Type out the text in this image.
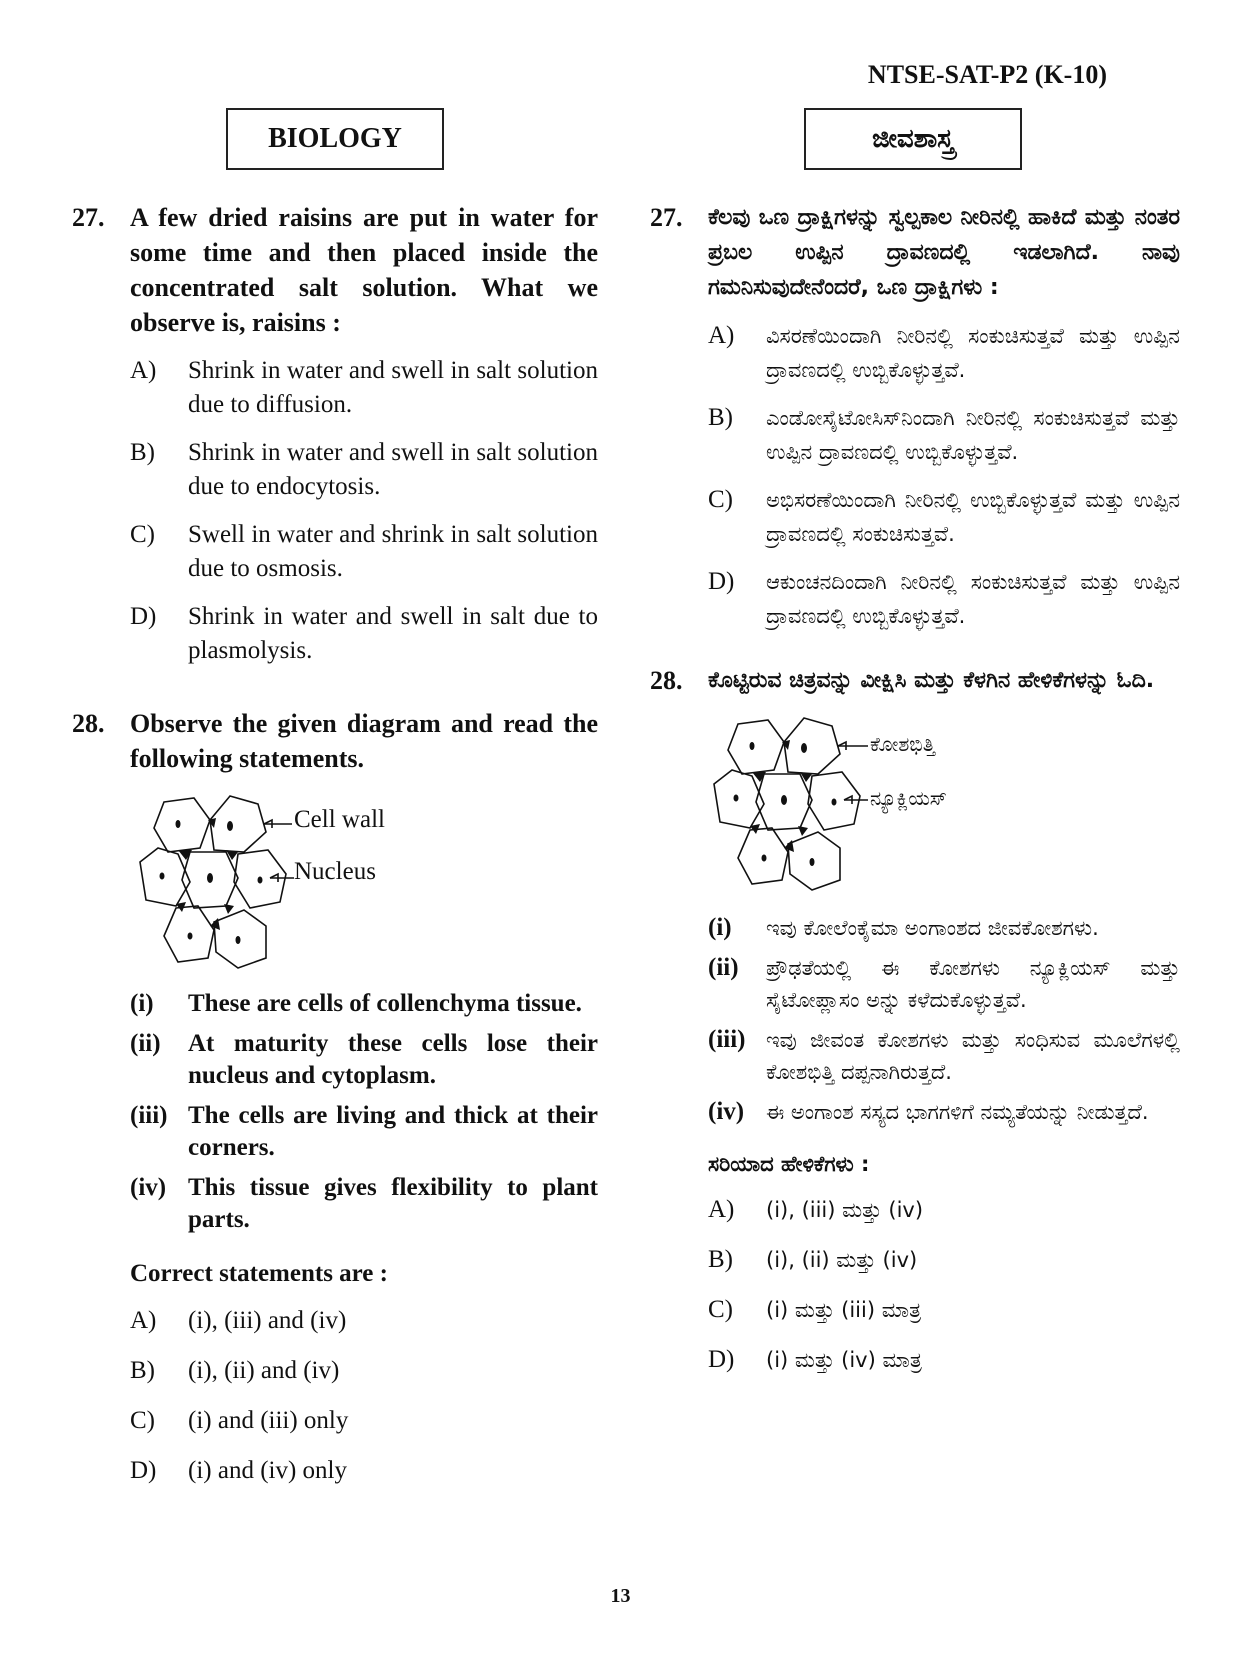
NTSE-SAT-P2 (K-10)
BIOLOGY	ಜೀವಶಾಸ್ತ್ರ
27. A few dried raisins are put in water for some time and then placed inside the concentrated salt solution. What we observe is, raisins :
A)	Shrink in water and swell in salt solution due to diffusion.
B)	Shrink in water and swell in salt solution due to endocytosis.
C)	Swell in water and shrink in salt solution due to osmosis.
D)	Shrink in water and swell in salt due to plasmolysis.
28. Observe the given diagram and read the following statements.
Cell wall
Nucleus
(i)	These are cells of collenchyma tissue.
(ii)	At maturity these cells lose their nucleus and cytoplasm.
(iii) The cells are living and thick at their corners.
(iv) This tissue gives flexibility to plant parts.
Correct statements are :
A)	(i), (iii) and (iv)
B)	(i), (ii) and (iv)
C)	(i) and (iii) only
D)	(i) and (iv) only
27.	ಕೆಲವು ಒಣ ದ್ರಾಕ್ಷಿಗಳನ್ನು ಸ್ವಲ್ಪಕಾಲ ನೀರಿನಲ್ಲಿ ಹಾಕಿದೆ ಮತ್ತು ನಂತರ ಪ್ರಬಲ ಉಪ್ಪಿನ ದ್ರಾವಣದಲ್ಲಿ ಇಡಲಾಗಿದೆ. ನಾವು ಗಮನಿಸುವುದೇನೆಂದರೆ, ಒಣ ದ್ರಾಕ್ಷಿಗಳು :
A)	ವಿಸರಣೆಯಿಂದಾಗಿ ನೀರಿನಲ್ಲಿ ಸಂಕುಚಿಸುತ್ತವೆ ಮತ್ತು ಉಪ್ಪಿನ ದ್ರಾವಣದಲ್ಲಿ ಉಬ್ಬಿಕೊಳ್ಳುತ್ತವೆ.
B)	ಎಂಡೋಸೈಟೋಸಿಸ್‌ನಿಂದಾಗಿ ನೀರಿನಲ್ಲಿ ಸಂಕುಚಿಸುತ್ತವೆ ಮತ್ತು ಉಪ್ಪಿನ ದ್ರಾವಣದಲ್ಲಿ ಉಬ್ಬಿಕೊಳ್ಳುತ್ತವೆ.
C)	ಅಭಿಸರಣೆಯಿಂದಾಗಿ ನೀರಿನಲ್ಲಿ ಉಬ್ಬಿಕೊಳ್ಳುತ್ತವೆ ಮತ್ತು ಉಪ್ಪಿನ ದ್ರಾವಣದಲ್ಲಿ ಸಂಕುಚಿಸುತ್ತವೆ.
D)	ಆಕುಂಚನದಿಂದಾಗಿ ನೀರಿನಲ್ಲಿ ಸಂಕುಚಿಸುತ್ತವೆ ಮತ್ತು ಉಪ್ಪಿನ ದ್ರಾವಣದಲ್ಲಿ ಉಬ್ಬಿಕೊಳ್ಳುತ್ತವೆ.
28.	ಕೊಟ್ಟಿರುವ ಚಿತ್ರವನ್ನು ವೀಕ್ಷಿಸಿ ಮತ್ತು ಕೆಳಗಿನ ಹೇಳಿಕೆಗಳನ್ನು ಓದಿ.
ಕೋಶಭಿತ್ತಿ
ನ್ಯೂಕ್ಲಿಯಸ್
(i)	ಇವು ಕೋಲೆಂಕೈಮಾ ಅಂಗಾಂಶದ ಜೀವಕೋಶಗಳು.
(ii)	ಪ್ರೌಢತೆಯಲ್ಲಿ ಈ ಕೋಶಗಳು ನ್ಯೂಕ್ಲಿಯಸ್ ಮತ್ತು ಸೈಟೋಪ್ಲಾಸಂ ಅನ್ನು ಕಳೆದುಕೊಳ್ಳುತ್ತವೆ.
(iii) ಇವು ಜೀವಂತ ಕೋಶಗಳು ಮತ್ತು ಸಂಧಿಸುವ ಮೂಲೆಗಳಲ್ಲಿ ಕೋಶಭಿತ್ತಿ ದಪ್ಪನಾಗಿರುತ್ತದೆ.
(iv)	ಈ ಅಂಗಾಂಶ ಸಸ್ಯದ ಭಾಗಗಳಿಗೆ ನಮ್ಯತೆಯನ್ನು ನೀಡುತ್ತದೆ.
ಸರಿಯಾದ ಹೇಳಿಕೆಗಳು :
A)	(i), (iii) ಮತ್ತು (iv)
B)	(i), (ii) ಮತ್ತು (iv)
C)	(i) ಮತ್ತು (iii) ಮಾತ್ರ
D)	(i) ಮತ್ತು (iv) ಮಾತ್ರ
13
